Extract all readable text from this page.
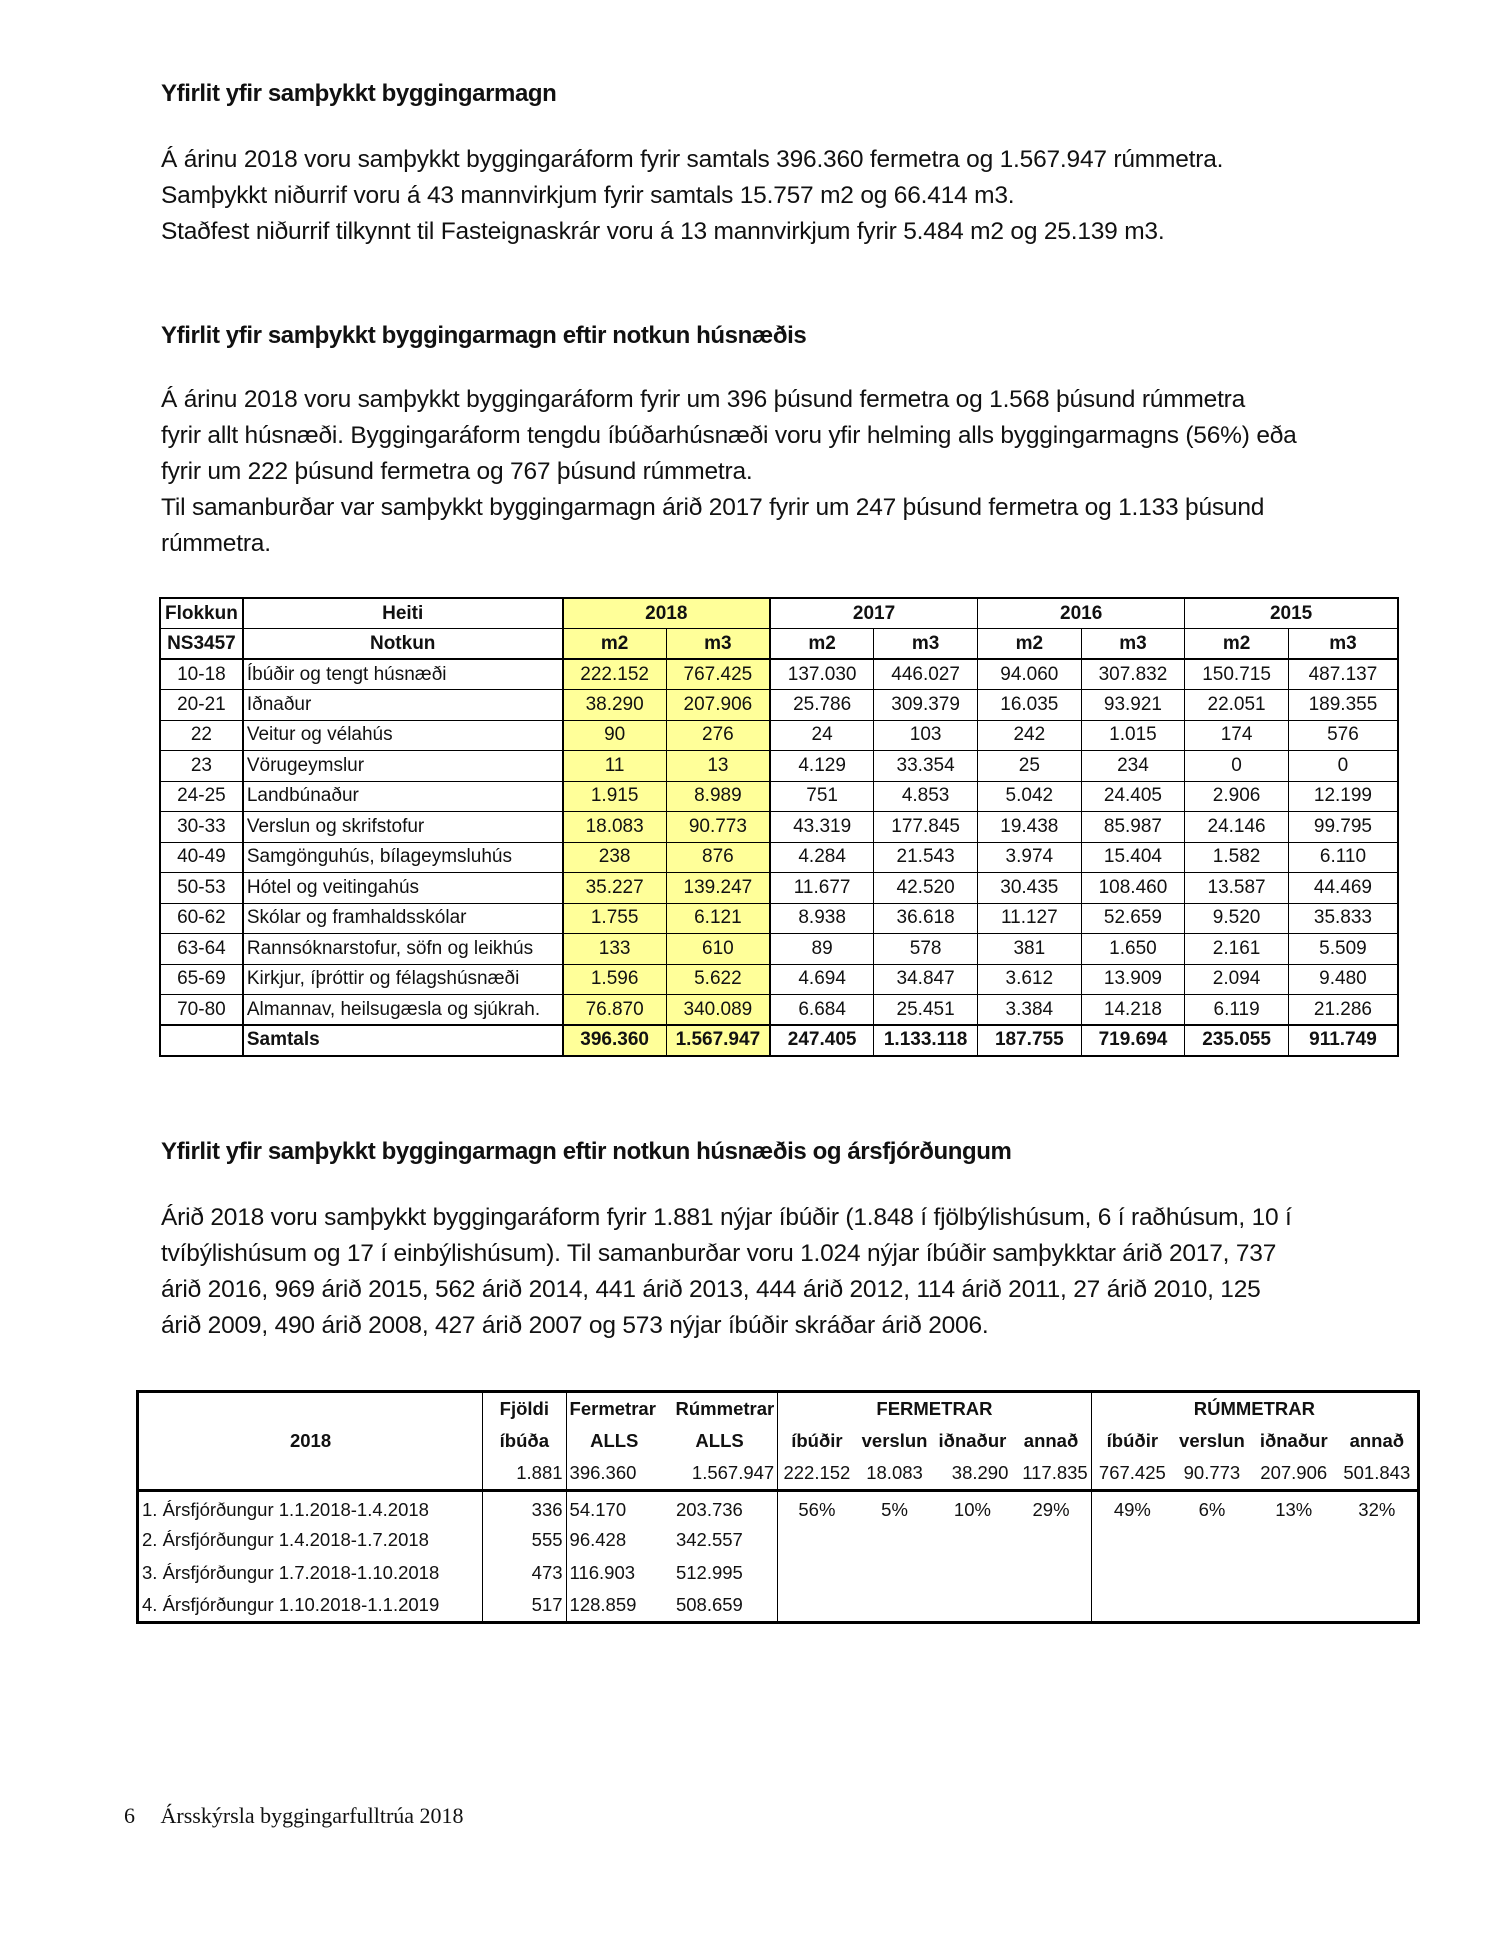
Yfirlit yfir samþykkt byggingarmagn
Á árinu 2018 voru samþykkt byggingaráform fyrir samtals 396.360 fermetra og 1.567.947 rúmmetra.
Samþykkt niðurrif voru á 43 mannvirkjum fyrir samtals 15.757 m2 og 66.414 m3.
Staðfest niðurrif tilkynnt til Fasteignaskrár voru á 13 mannvirkjum fyrir 5.484 m2 og 25.139 m3.
Yfirlit yfir samþykkt byggingarmagn eftir notkun húsnæðis
Á árinu 2018 voru samþykkt byggingaráform fyrir um 396 þúsund fermetra og 1.568 þúsund rúmmetra
fyrir allt húsnæði. Byggingaráform tengdu íbúðarhúsnæði voru yfir helming alls byggingarmagns (56%) eða
fyrir um 222 þúsund fermetra og 767 þúsund rúmmetra.
Til samanburðar var samþykkt byggingarmagn árið 2017 fyrir um 247 þúsund fermetra og 1.133 þúsund
rúmmetra.
Flokkun	Heiti	2018		2017		2016		2015	
NS3457	Notkun	m2	m3	m2	m3	m2	m3	m2	m3
10-18	Íbúðir og tengt húsnæði	222.152	767.425	137.030	446.027	94.060	307.832	150.715	487.137
20-21	Iðnaður	38.290	207.906	25.786	309.379	16.035	93.921	22.051	189.355
22	Veitur og vélahús	90	276	24	103	242	1.015	174	576
23	Vörugeymslur	11	13	4.129	33.354	25	234	0	0
24-25	Landbúnaður	1.915	8.989	751	4.853	5.042	24.405	2.906	12.199
30-33	Verslun og skrifstofur	18.083	90.773	43.319	177.845	19.438	85.987	24.146	99.795
40-49	Samgönguhús, bílageymsluhús	238	876	4.284	21.543	3.974	15.404	1.582	6.110
50-53	Hótel og veitingahús	35.227	139.247	11.677	42.520	30.435	108.460	13.587	44.469
60-62	Skólar og framhaldsskólar	1.755	6.121	8.938	36.618	11.127	52.659	9.520	35.833
63-64	Rannsóknarstofur, söfn og leikhús	133	610	89	578	381	1.650	2.161	5.509
65-69	Kirkjur, íþróttir og félagshúsnæði	1.596	5.622	4.694	34.847	3.612	13.909	2.094	9.480
70-80	Almannav, heilsugæsla og sjúkrah.	76.870	340.089	6.684	25.451	3.384	14.218	6.119	21.286
	Samtals	396.360	1.567.947	247.405	1.133.118	187.755	719.694	235.055	911.749
Yfirlit yfir samþykkt byggingarmagn eftir notkun húsnæðis og ársfjórðungum
Árið 2018 voru samþykkt byggingaráform fyrir 1.881 nýjar íbúðir (1.848 í fjölbýlishúsum, 6 í raðhúsum, 10 í
tvíbýlishúsum og 17 í einbýlishúsum). Til samanburðar voru 1.024 nýjar íbúðir samþykktar árið 2017, 737
árið 2016, 969 árið 2015, 562 árið 2014, 441 árið 2013, 444 árið 2012, 114 árið 2011, 27 árið 2010, 125
árið 2009, 490 árið 2008, 427 árið 2007 og 573 nýjar íbúðir skráðar árið 2006.
2018	Fjöldi	Fermetrar	Rúmmetrar	FERMETRAR				RÚMMETRAR			
	íbúða	ALLS	ALLS	íbúðir	verslun	iðnaður	annað	íbúðir	verslun	iðnaður	annað
	1.881	396.360	1.567.947	222.152	18.083	38.290	117.835	767.425	90.773	207.906	501.843
1. Ársfjórðungur 1.1.2018-1.4.2018	336	54.170	203.736	56%	5%	10%	29%	49%	6%	13%	32%
2. Ársfjórðungur 1.4.2018-1.7.2018	555	96.428	342.557								
3. Ársfjórðungur 1.7.2018-1.10.2018	473	116.903	512.995								
4. Ársfjórðungur 1.10.2018-1.1.2019	517	128.859	508.659								
6 Ársskýrsla byggingarfulltrúa 2018
